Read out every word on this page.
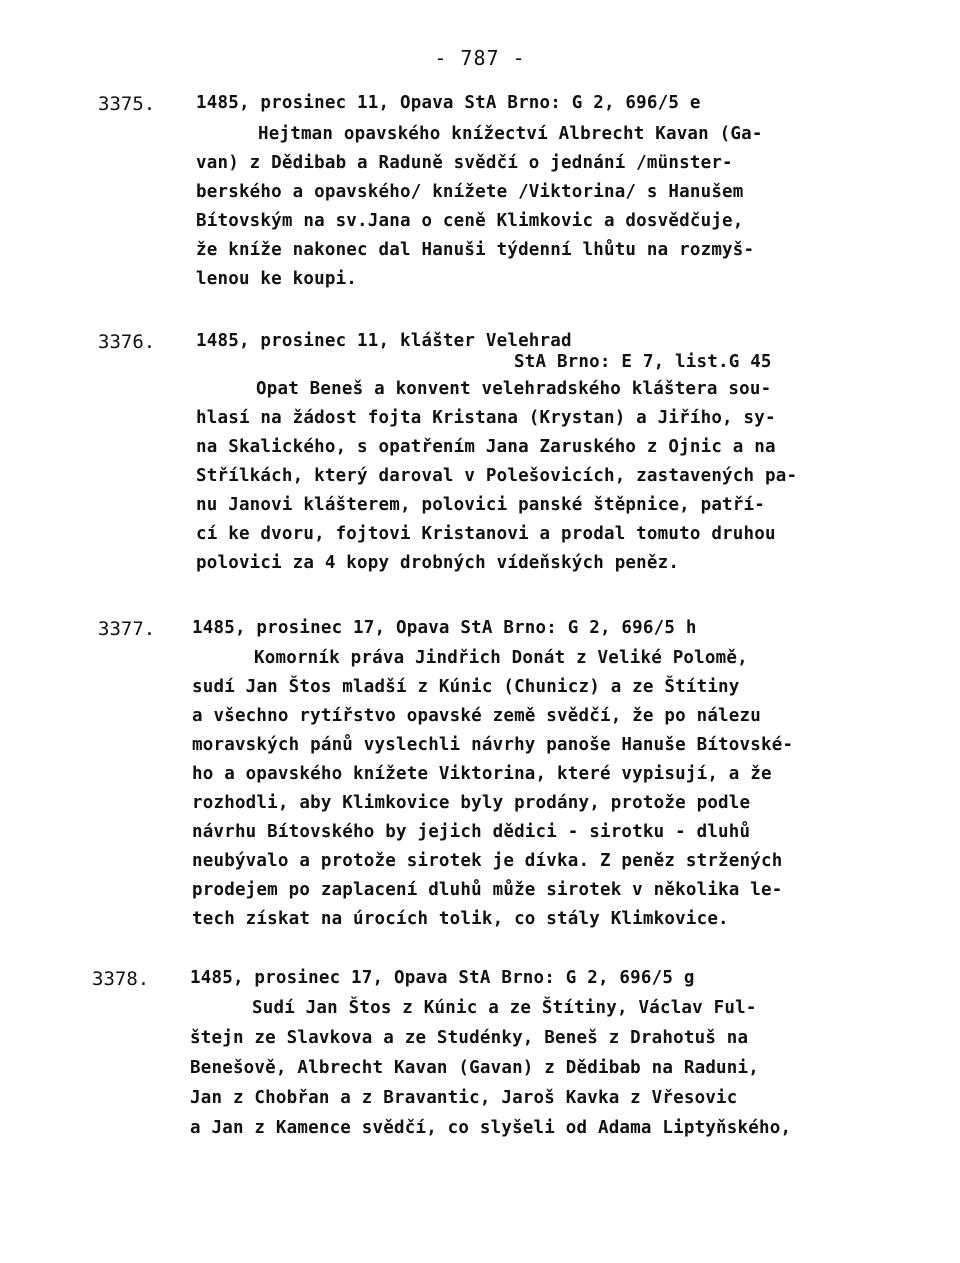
- 787 -
3375. 1485, prosinec 11, Opava StA Brno: G 2, 696/5 e
Hejtman opavského knížectví Albrecht Kavan (Ga-
van) z Dědibab a Raduně svědčí o jednání /münster-
berského a opavského/ knížete /Viktorina/ s Hanušem
Bítovským na sv.Jana o ceně Klimkovic a dosvědčuje,
že kníže nakonec dal Hanuši týdenní lhůtu na rozmyš-
lenou ke koupi.
3376. 1485, prosinec 11, klášter Velehrad
StA Brno: E 7, list.G 45
Opat Beneš a konvent velehradského kláštera sou-
hlasí na žádost fojta Kristana (Krystan) a Jiřího, sy-
na Skalického, s opatřením Jana Zaruského z Ojnic a na
Střílkách, který daroval v Polešovicích, zastavených pa-
nu Janovi klášterem, polovici panské štěpnice, patří-
cí ke dvoru, fojtovi Kristanovi a prodal tomuto druhou
polovici za 4 kopy drobných vídeňských peněz.
3377. 1485, prosinec 17, Opava StA Brno: G 2, 696/5 h
Komorník práva Jindřich Donát z Veliké Polomě,
sudí Jan Štos mladší z Kúnic (Chunicz) a ze Štítiny
a všechno rytířstvo opavské země svědčí, že po nálezu
moravských pánů vyslechli návrhy panoše Hanuše Bítovské-
ho a opavského knížete Viktorina, které vypisují, a že
rozhodli, aby Klimkovice byly prodány, protože podle
návrhu Bítovského by jejich dědici - sirotku - dluhů
neubývalo a protože sirotek je dívka. Z peněz stržených
prodejem po zaplacení dluhů může sirotek v několika le-
tech získat na úrocích tolik, co stály Klimkovice.
3378. 1485, prosinec 17, Opava StA Brno: G 2, 696/5 g
Sudí Jan Štos z Kúnic a ze Štítiny, Václav Ful-
štejn ze Slavkova a ze Studénky, Beneš z Drahotuš na
Benešově, Albrecht Kavan (Gavan) z Dědibab na Raduni,
Jan z Chobřan a z Bravantic, Jaroš Kavka z Vřesovic
a Jan z Kamence svědčí, co slyšeli od Adama Liptyňského,
